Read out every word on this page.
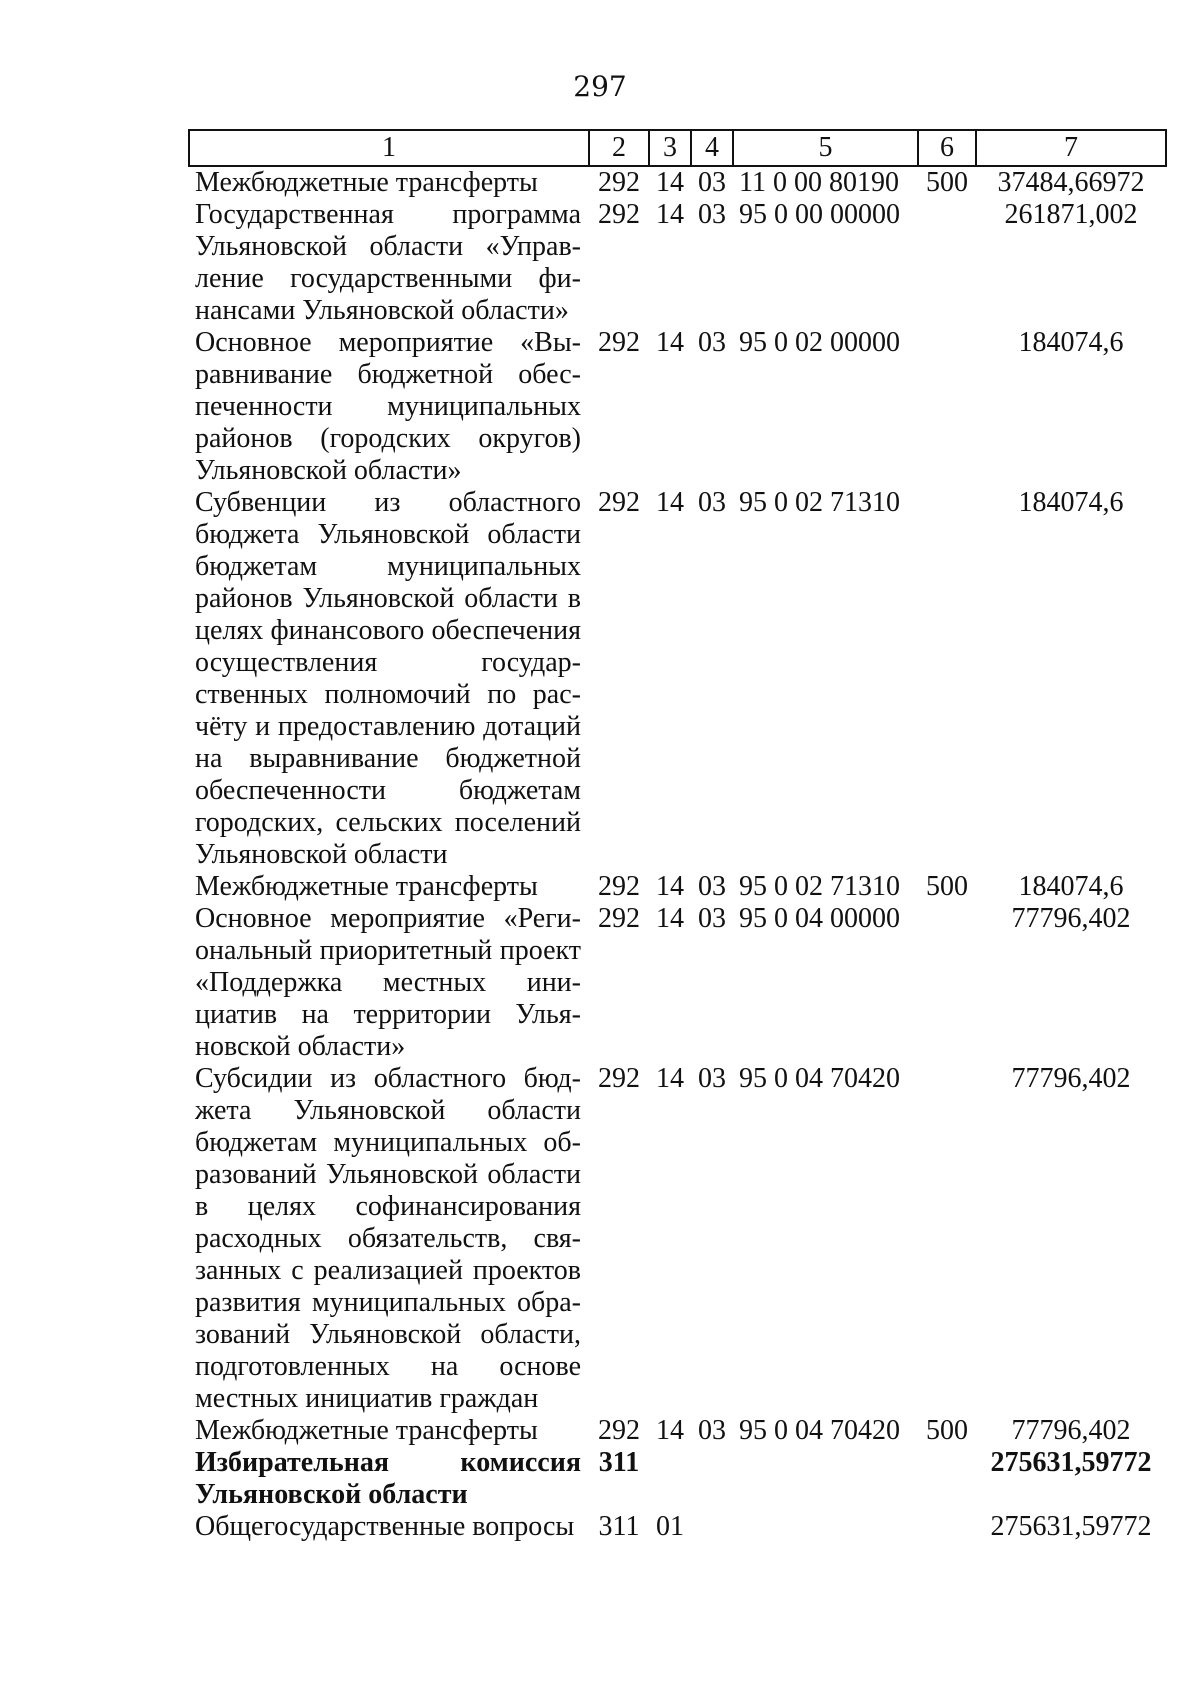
297
1	2	3	4	5	6	7
Межбюджетные трансферты	292	14	03	11 0 00 80190	500	37484,66972
Государственная программа Ульяновской области «Управление государственными финансами Ульяновской области»	292	14	03	95 0 00 00000		261871,002
Основное мероприятие «Выравнивание бюджетной обеспеченности муниципальных районов (городских округов) Ульяновской области»	292	14	03	95 0 02 00000		184074,6
Субвенции из областного бюджета Ульяновской области бюджетам муниципальных районов Ульяновской области в целях финансового обеспечения осуществления государственных полномочий по расчёту и предоставлению дотаций на выравнивание бюджетной обеспеченности бюджетам городских, сельских поселений Ульяновской области	292	14	03	95 0 02 71310		184074,6
Межбюджетные трансферты	292	14	03	95 0 02 71310	500	184074,6
Основное мероприятие «Региональный приоритетный проект «Поддержка местных инициатив на территории Ульяновской области»	292	14	03	95 0 04 00000		77796,402
Субсидии из областного бюджета Ульяновской области бюджетам муниципальных образований Ульяновской области в целях софинансирования расходных обязательств, связанных с реализацией проектов развития муниципальных образований Ульяновской области, подготовленных на основе местных инициатив граждан	292	14	03	95 0 04 70420		77796,402
Межбюджетные трансферты	292	14	03	95 0 04 70420	500	77796,402
Избирательная комиссия Ульяновской области	311					275631,59772
Общегосударственные вопросы	311	01				275631,59772
